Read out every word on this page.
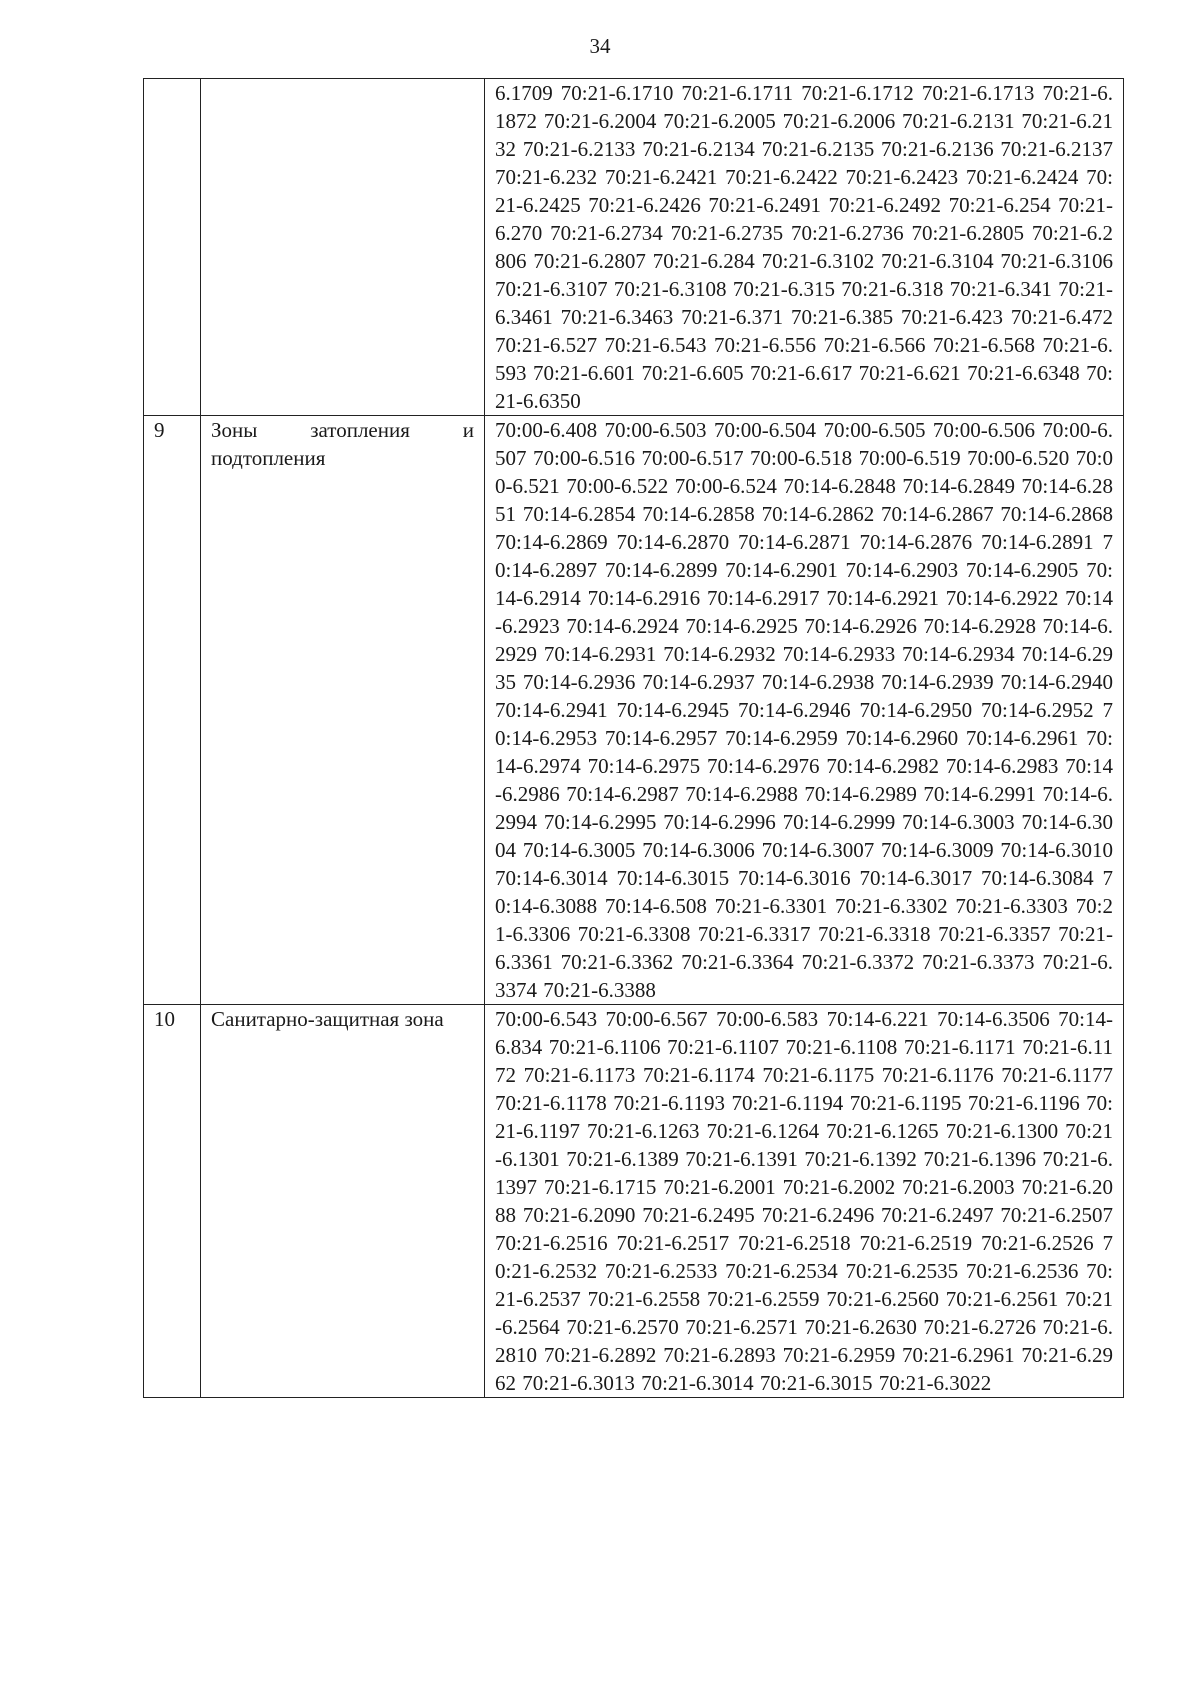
34
		6.1709 70:21-6.1710 70:21-6.1711 70:21-6.1712 70:21-6.1713 70:21-6.1872 70:21-6.2004 70:21-6.2005 70:21-6.2006 70:21-6.2131 70:21-6.2132 70:21-6.2133 70:21-6.2134 70:21-6.2135 70:21-6.2136 70:21-6.2137 70:21-6.232 70:21-6.2421 70:21-6.2422 70:21-6.2423 70:21-6.2424 70:21-6.2425 70:21-6.2426 70:21-6.2491 70:21-6.2492 70:21-6.254 70:21-6.270 70:21-6.2734 70:21-6.2735 70:21-6.2736 70:21-6.2805 70:21-6.2806 70:21-6.2807 70:21-6.284 70:21-6.3102 70:21-6.3104 70:21-6.3106 70:21-6.3107 70:21-6.3108 70:21-6.315 70:21-6.318 70:21-6.341 70:21-6.3461 70:21-6.3463 70:21-6.371 70:21-6.385 70:21-6.423 70:21-6.472 70:21-6.527 70:21-6.543 70:21-6.556 70:21-6.566 70:21-6.568 70:21-6.593 70:21-6.601 70:21-6.605 70:21-6.617 70:21-6.621 70:21-6.6348 70:21-6.6350
9	Зоны затопления и подтопления	70:00-6.408 70:00-6.503 70:00-6.504 70:00-6.505 70:00-6.506 70:00-6.507 70:00-6.516 70:00-6.517 70:00-6.518 70:00-6.519 70:00-6.520 70:00-6.521 70:00-6.522 70:00-6.524 70:14-6.2848 70:14-6.2849 70:14-6.2851 70:14-6.2854 70:14-6.2858 70:14-6.2862 70:14-6.2867 70:14-6.2868 70:14-6.2869 70:14-6.2870 70:14-6.2871 70:14-6.2876 70:14-6.2891 70:14-6.2897 70:14-6.2899 70:14-6.2901 70:14-6.2903 70:14-6.2905 70:14-6.2914 70:14-6.2916 70:14-6.2917 70:14-6.2921 70:14-6.2922 70:14-6.2923 70:14-6.2924 70:14-6.2925 70:14-6.2926 70:14-6.2928 70:14-6.2929 70:14-6.2931 70:14-6.2932 70:14-6.2933 70:14-6.2934 70:14-6.2935 70:14-6.2936 70:14-6.2937 70:14-6.2938 70:14-6.2939 70:14-6.2940 70:14-6.2941 70:14-6.2945 70:14-6.2946 70:14-6.2950 70:14-6.2952 70:14-6.2953 70:14-6.2957 70:14-6.2959 70:14-6.2960 70:14-6.2961 70:14-6.2974 70:14-6.2975 70:14-6.2976 70:14-6.2982 70:14-6.2983 70:14-6.2986 70:14-6.2987 70:14-6.2988 70:14-6.2989 70:14-6.2991 70:14-6.2994 70:14-6.2995 70:14-6.2996 70:14-6.2999 70:14-6.3003 70:14-6.3004 70:14-6.3005 70:14-6.3006 70:14-6.3007 70:14-6.3009 70:14-6.3010 70:14-6.3014 70:14-6.3015 70:14-6.3016 70:14-6.3017 70:14-6.3084 70:14-6.3088 70:14-6.508 70:21-6.3301 70:21-6.3302 70:21-6.3303 70:21-6.3306 70:21-6.3308 70:21-6.3317 70:21-6.3318 70:21-6.3357 70:21-6.3361 70:21-6.3362 70:21-6.3364 70:21-6.3372 70:21-6.3373 70:21-6.3374 70:21-6.3388
10	Санитарно-защитная зона	70:00-6.543 70:00-6.567 70:00-6.583 70:14-6.221 70:14-6.3506 70:14-6.834 70:21-6.1106 70:21-6.1107 70:21-6.1108 70:21-6.1171 70:21-6.1172 70:21-6.1173 70:21-6.1174 70:21-6.1175 70:21-6.1176 70:21-6.1177 70:21-6.1178 70:21-6.1193 70:21-6.1194 70:21-6.1195 70:21-6.1196 70:21-6.1197 70:21-6.1263 70:21-6.1264 70:21-6.1265 70:21-6.1300 70:21-6.1301 70:21-6.1389 70:21-6.1391 70:21-6.1392 70:21-6.1396 70:21-6.1397 70:21-6.1715 70:21-6.2001 70:21-6.2002 70:21-6.2003 70:21-6.2088 70:21-6.2090 70:21-6.2495 70:21-6.2496 70:21-6.2497 70:21-6.2507 70:21-6.2516 70:21-6.2517 70:21-6.2518 70:21-6.2519 70:21-6.2526 70:21-6.2532 70:21-6.2533 70:21-6.2534 70:21-6.2535 70:21-6.2536 70:21-6.2537 70:21-6.2558 70:21-6.2559 70:21-6.2560 70:21-6.2561 70:21-6.2564 70:21-6.2570 70:21-6.2571 70:21-6.2630 70:21-6.2726 70:21-6.2810 70:21-6.2892 70:21-6.2893 70:21-6.2959 70:21-6.2961 70:21-6.2962 70:21-6.3013 70:21-6.3014 70:21-6.3015 70:21-6.3022
